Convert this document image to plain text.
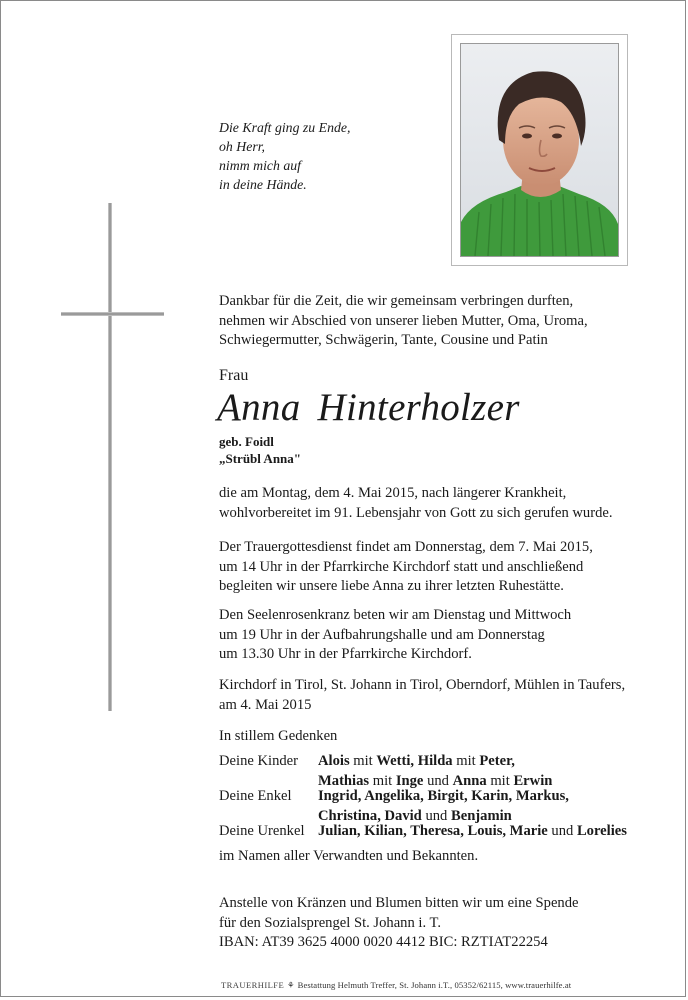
Die Kraft ging zu Ende,
oh Herr,
nimm mich auf
in deine Hände.
Dankbar für die Zeit, die wir gemeinsam verbringen durften,
nehmen wir Abschied von unserer lieben Mutter, Oma, Uroma,
Schwiegermutter, Schwägerin, Tante, Cousine und Patin
Frau
Anna Hinterholzer
geb. Foidl
„Strübl Anna"
die am Montag, dem 4. Mai 2015, nach längerer Krankheit,
wohlvorbereitet im 91. Lebensjahr von Gott zu sich gerufen wurde.
Der Trauergottesdienst findet am Donnerstag, dem 7. Mai 2015,
um 14 Uhr in der Pfarrkirche Kirchdorf statt und anschließend
begleiten wir unsere liebe Anna zu ihrer letzten Ruhestätte.
Den Seelenrosenkranz beten wir am Dienstag und Mittwoch
um 19 Uhr in der Aufbahrungshalle und am Donnerstag
um 13.30 Uhr in der Pfarrkirche Kirchdorf.
Kirchdorf in Tirol, St. Johann in Tirol, Oberndorf, Mühlen in Taufers,
am 4. Mai 2015
In stillem Gedenken
Deine Kinder Alois mit Wetti, Hilda mit Peter,
Mathias mit Inge und Anna mit Erwin
Deine Enkel Ingrid, Angelika, Birgit, Karin, Markus,
Christina, David und Benjamin
Deine Urenkel Julian, Kilian, Theresa, Louis, Marie und Lorelies
im Namen aller Verwandten und Bekannten.
Anstelle von Kränzen und Blumen bitten wir um eine Spende
für den Sozialsprengel St. Johann i. T.
IBAN: AT39 3625 4000 0020 4412 BIC: RZTIAT22254
TRAUERHILFE ⚘ Bestattung Helmuth Treffer, St. Johann i.T., 05352/62115, www.trauerhilfe.at
